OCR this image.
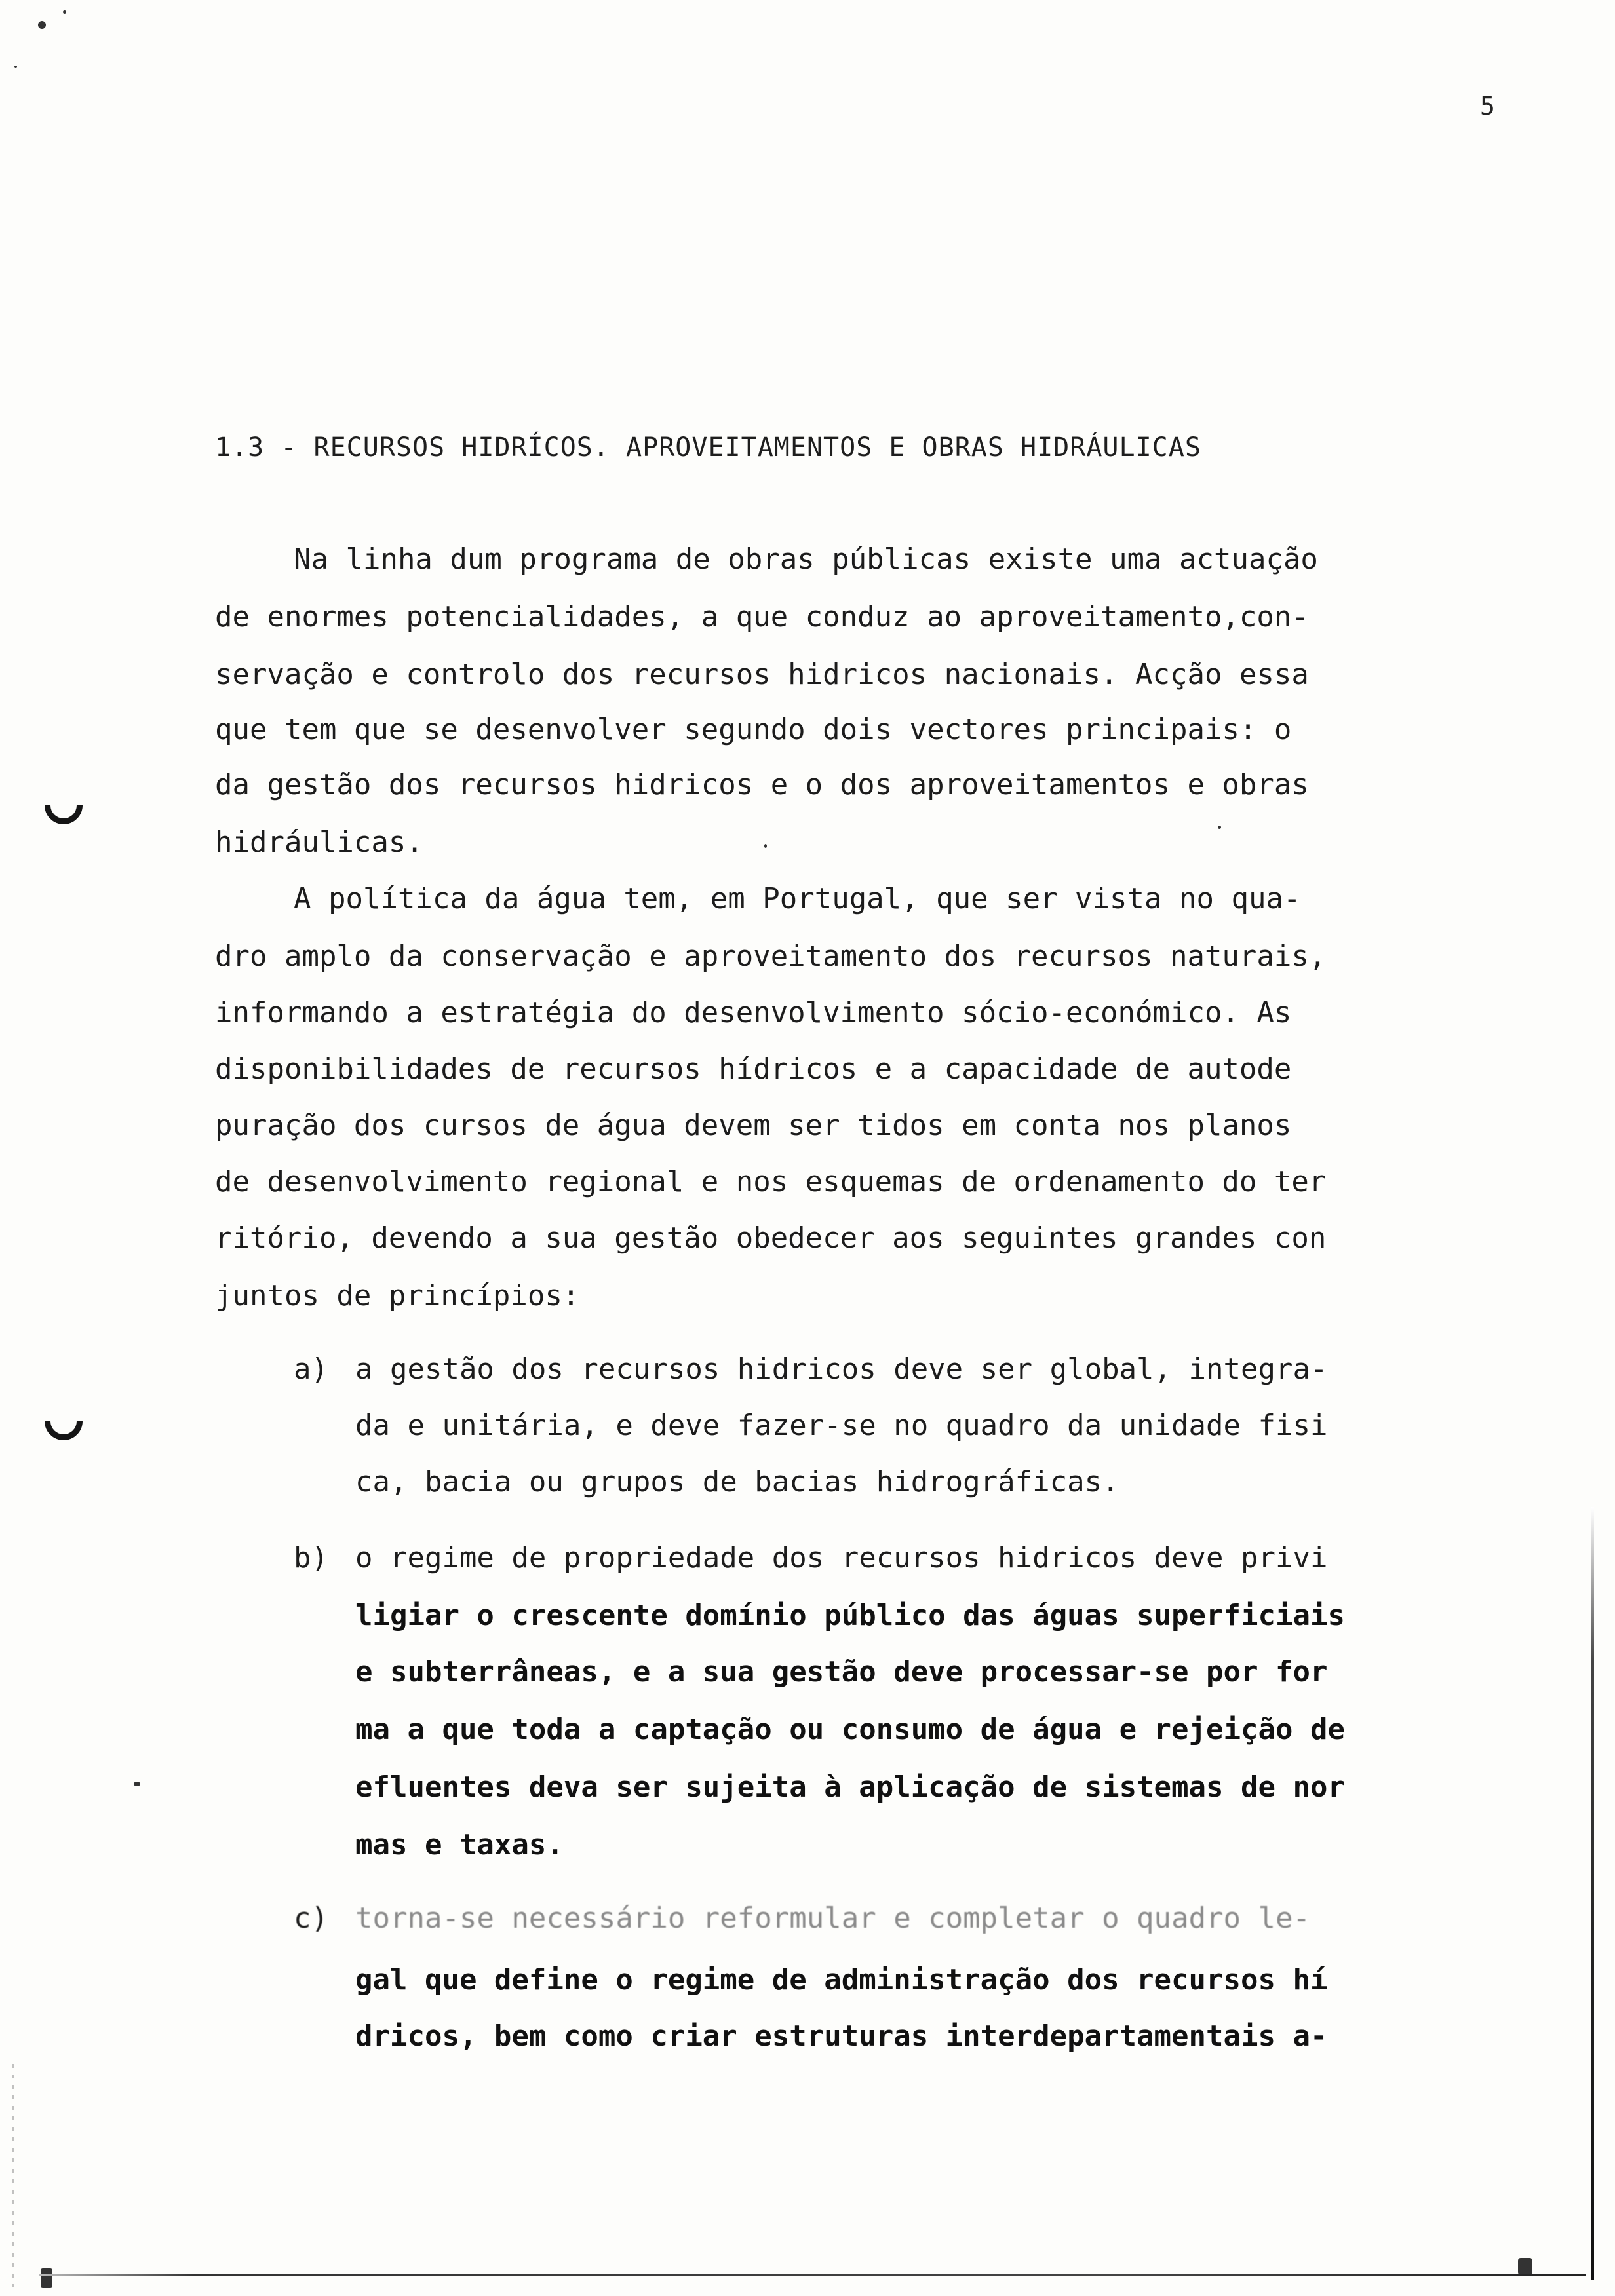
5
1.3 - RECURSOS HIDRÍCOS. APROVEITAMENTOS E OBRAS HIDRÁULICAS
Na linha dum programa de obras públicas existe uma actuação
de enormes potencialidades, a que conduz ao aproveitamento,con-
servação e controlo dos recursos hidricos nacionais. Acção essa
que tem que se desenvolver segundo dois vectores principais: o
da gestão dos recursos hidricos e o dos aproveitamentos e obras
hidráulicas.
A política da água tem, em Portugal, que ser vista no qua-
dro amplo da conservação e aproveitamento dos recursos naturais,
informando a estratégia do desenvolvimento sócio-económico. As
disponibilidades de recursos hídricos e a capacidade de autode
puração dos cursos de água devem ser tidos em conta nos planos
de desenvolvimento regional e nos esquemas de ordenamento do ter
ritório, devendo a sua gestão obedecer aos seguintes grandes con
juntos de princípios:
a) a gestão dos recursos hidricos deve ser global, integra-
da e unitária, e deve fazer-se no quadro da unidade fisi
ca, bacia ou grupos de bacias hidrográficas.
b) o regime de propriedade dos recursos hidricos deve privi
ligiar o crescente domínio público das águas superficiais
e subterrâneas, e a sua gestão deve processar-se por for
ma a que toda a captação ou consumo de água e rejeição de
efluentes deva ser sujeita à aplicação de sistemas de nor
mas e taxas.
c) torna-se necessário reformular e completar o quadro le-
gal que define o regime de administração dos recursos hí
dricos, bem como criar estruturas interdepartamentais a-
